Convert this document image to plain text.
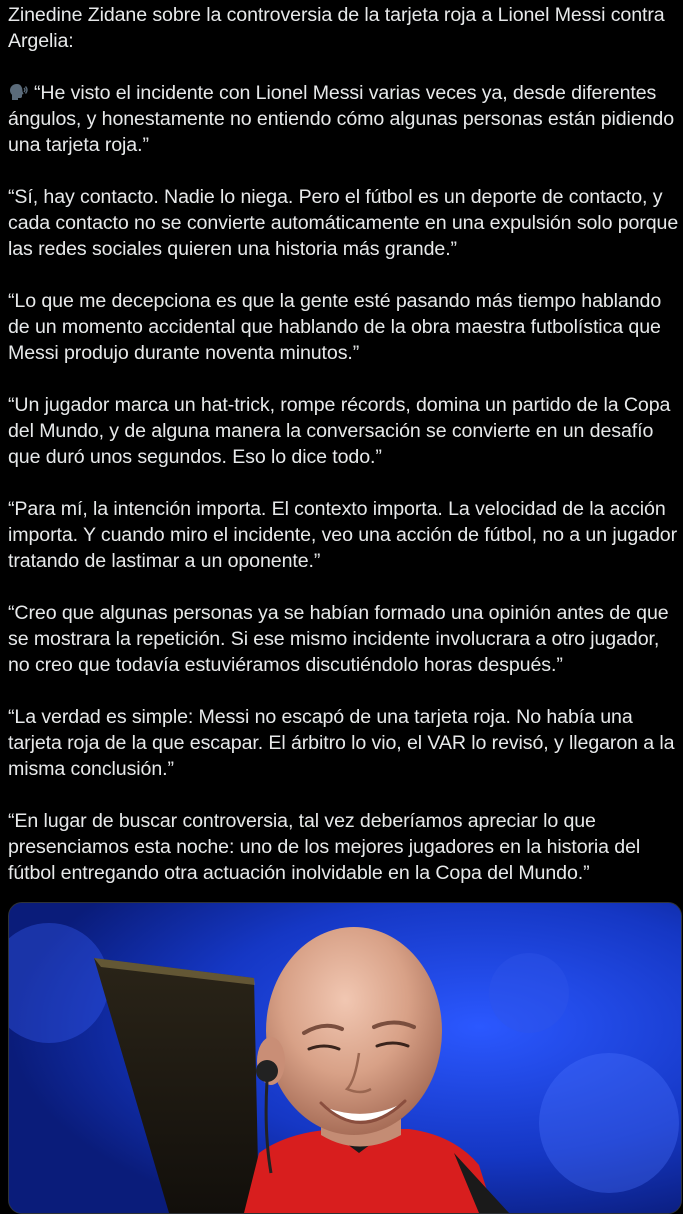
Zinedine Zidane sobre la controversia de la tarjeta roja a Lionel Messi contra Argelia:

“He visto el incidente con Lionel Messi varias veces ya, desde diferentes ángulos, y honestamente no entiendo cómo algunas personas están pidiendo una tarjeta roja.”

“Sí, hay contacto. Nadie lo niega. Pero el fútbol es un deporte de contacto, y cada contacto no se convierte automáticamente en una expulsión solo porque las redes sociales quieren una historia más grande.”

“Lo que me decepciona es que la gente esté pasando más tiempo hablando de un momento accidental que hablando de la obra maestra futbolística que Messi produjo durante noventa minutos.”

“Un jugador marca un hat-trick, rompe récords, domina un partido de la Copa del Mundo, y de alguna manera la conversación se convierte en un desafío que duró unos segundos. Eso lo dice todo.”

“Para mí, la intención importa. El contexto importa. La velocidad de la acción importa. Y cuando miro el incidente, veo una acción de fútbol, no a un jugador tratando de lastimar a un oponente.”

“Creo que algunas personas ya se habían formado una opinión antes de que se mostrara la repetición. Si ese mismo incidente involucrara a otro jugador, no creo que todavía estuviéramos discutiéndolo horas después.”

“La verdad es simple: Messi no escapó de una tarjeta roja. No había una tarjeta roja de la que escapar. El árbitro lo vio, el VAR lo revisó, y llegaron a la misma conclusión.”

“En lugar de buscar controversia, tal vez deberíamos apreciar lo que presenciamos esta noche: uno de los mejores jugadores en la historia del fútbol entregando otra actuación inolvidable en la Copa del Mundo.”
